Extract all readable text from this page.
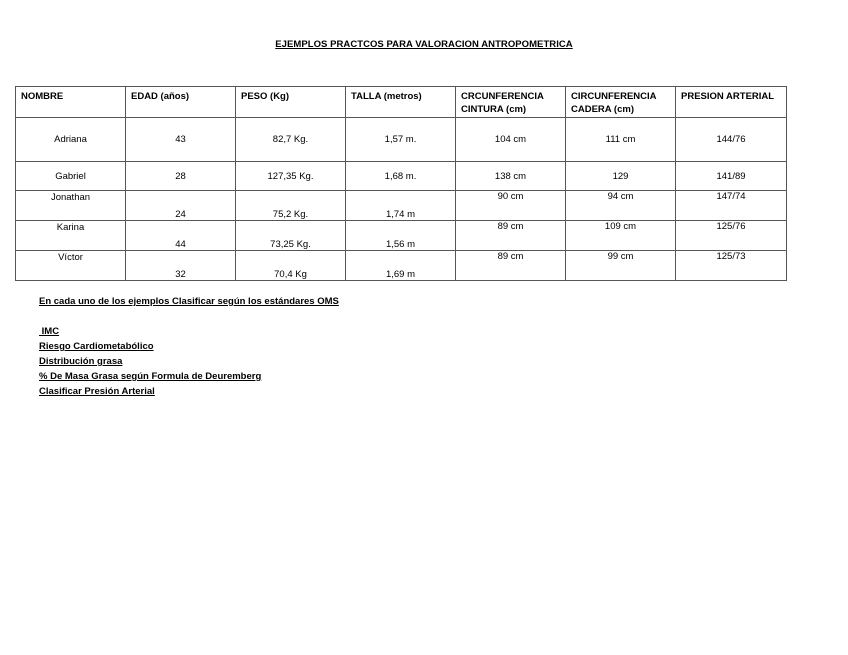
EJEMPLOS PRACTCOS PARA VALORACION ANTROPOMETRICA
NOMBRE	EDAD (años)	PESO (Kg)	TALLA (metros)	CRCUNFERENCIA CINTURA (cm)	CIRCUNFERENCIA CADERA (cm)	PRESION ARTERIAL
Adriana	43	82,7 Kg.	1,57 m.	104 cm	111 cm	144/76
Gabriel	28	127,35 Kg.	1,68 m.	138 cm	129	141/89
Jonathan	24	75,2 Kg.	1,74 m	90 cm	94 cm	147/74
Karina	44	73,25 Kg.	1,56 m	89 cm	109 cm	125/76
Víctor	32	70,4 Kg	1,69 m	89 cm	99 cm	125/73
En cada uno de los ejemplos Clasificar según los estándares OMS
IMC
Riesgo Cardiometabólico
Distribución grasa
% De Masa Grasa según Formula de Deuremberg
Clasificar Presión Arterial
